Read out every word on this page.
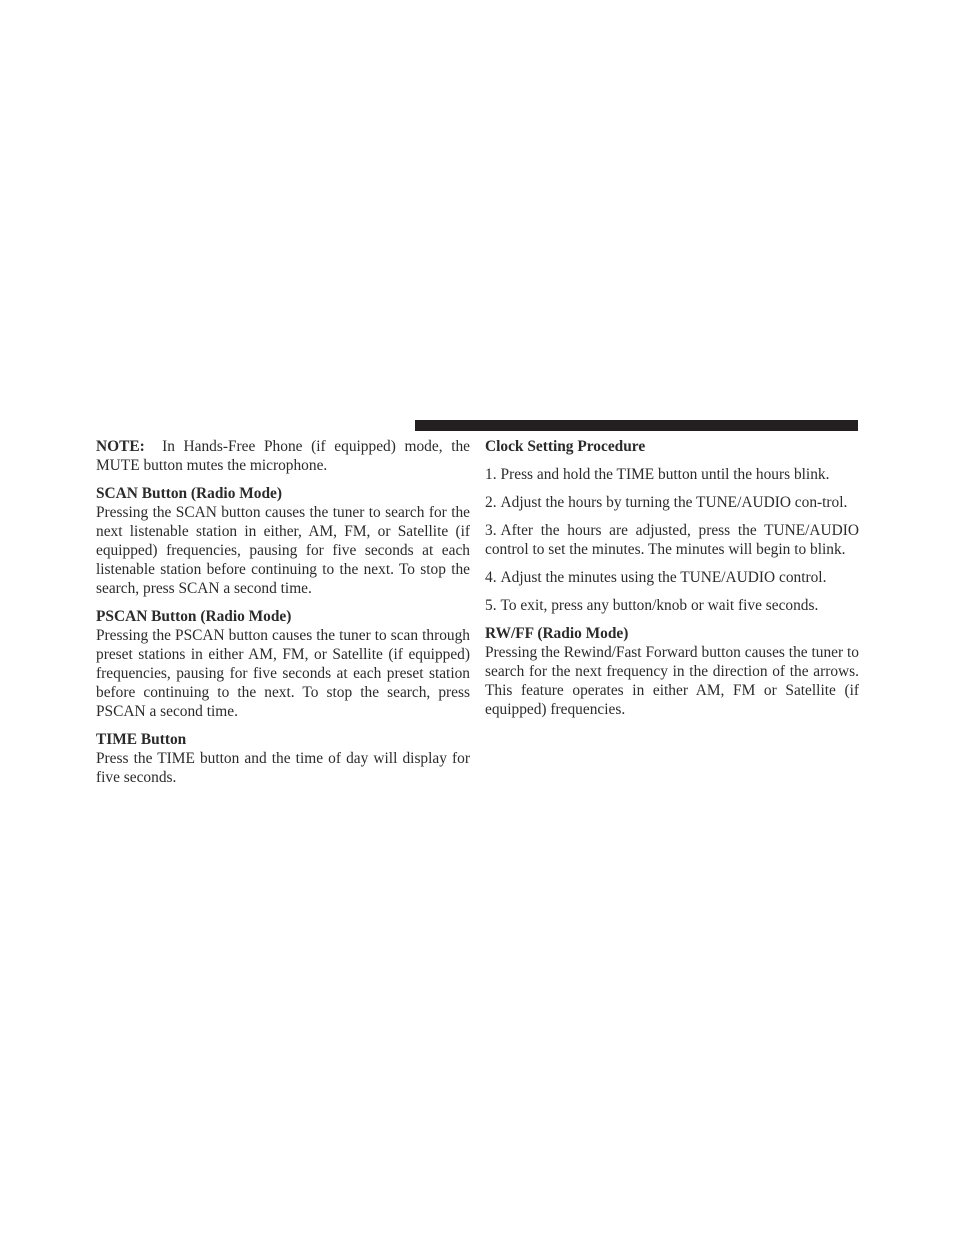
NOTE: In Hands-Free Phone (if equipped) mode, the MUTE button mutes the microphone.

SCAN Button (Radio Mode)

Pressing the SCAN button causes the tuner to search for the next listenable station in either, AM, FM, or Satellite (if equipped) frequencies, pausing for five seconds at each listenable station before continuing to the next. To stop the search, press SCAN a second time.

PSCAN Button (Radio Mode)

Pressing the PSCAN button causes the tuner to scan through preset stations in either AM, FM, or Satellite (if equipped) frequencies, pausing for five seconds at each preset station before continuing to the next. To stop the search, press PSCAN a second time.

TIME Button

Press the TIME button and the time of day will display for five seconds.

Clock Setting Procedure

1. Press and hold the TIME button until the hours blink.

2. Adjust the hours by turning the TUNE/AUDIO con-trol.

3. After the hours are adjusted, press the TUNE/AUDIO control to set the minutes. The minutes will begin to blink.

4. Adjust the minutes using the TUNE/AUDIO control.

5. To exit, press any button/knob or wait five seconds.

RW/FF (Radio Mode)

Pressing the Rewind/Fast Forward button causes the tuner to search for the next frequency in the direction of the arrows. This feature operates in either AM, FM or Satellite (if equipped) frequencies.
